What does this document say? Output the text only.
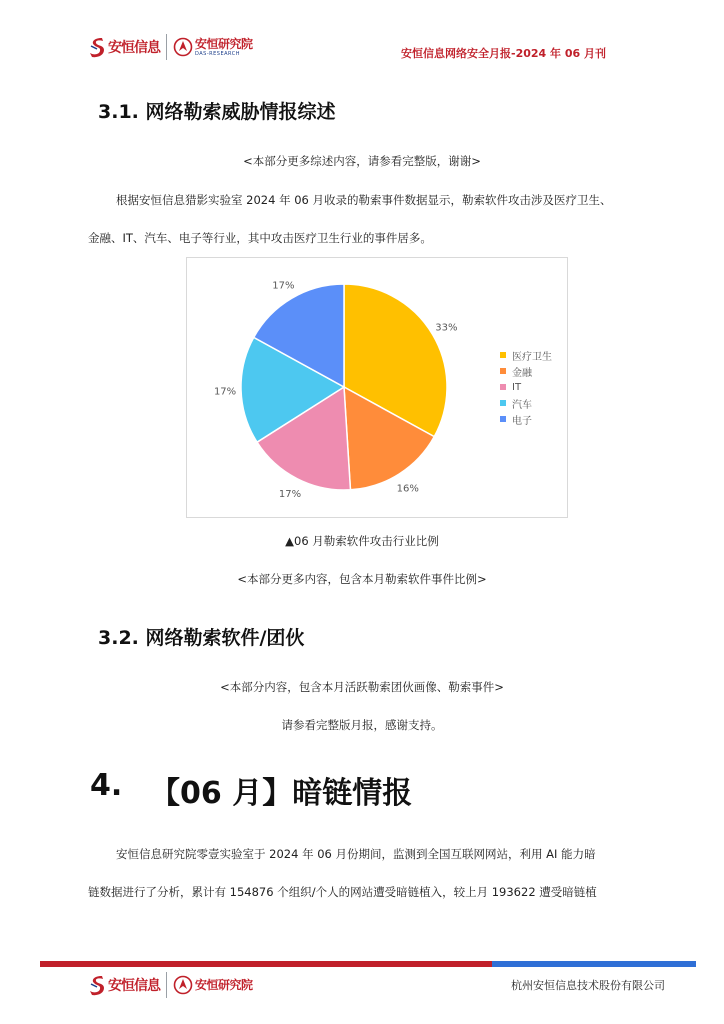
安恒信息	安恒研究院
DAS-RESEARCH	安恒信息网络安全月报-2024 年 06 月刊
3.1. 网络勒索威胁情报综述
<本部分更多综述内容，请参看完整版，谢谢>
根据安恒信息猎影实验室 2024 年 06 月收录的勒索事件数据显示，勒索软件攻击涉及医疗卫生、
金融、IT、汽车、电子等行业，其中攻击医疗卫生行业的事件居多。
33%
16%
17%
17%
17%
医疗卫生
金融
IT
汽车
电子
▲06 月勒索软件攻击行业比例
<本部分更多内容，包含本月勒索软件事件比例>
3.2. 网络勒索软件/团伙
<本部分内容，包含本月活跃勒索团伙画像、勒索事件>
请参看完整版月报，感谢支持。
4. 【06 月】暗链情报
安恒信息研究院零壹实验室于 2024 年 06 月份期间，监测到全国互联网网站，利用 AI 能力暗
链数据进行了分析，累计有 154876 个组织/个人的网站遭受暗链植入，较上月 193622 遭受暗链植
安恒信息	安恒研究院	杭州安恒信息技术股份有限公司
